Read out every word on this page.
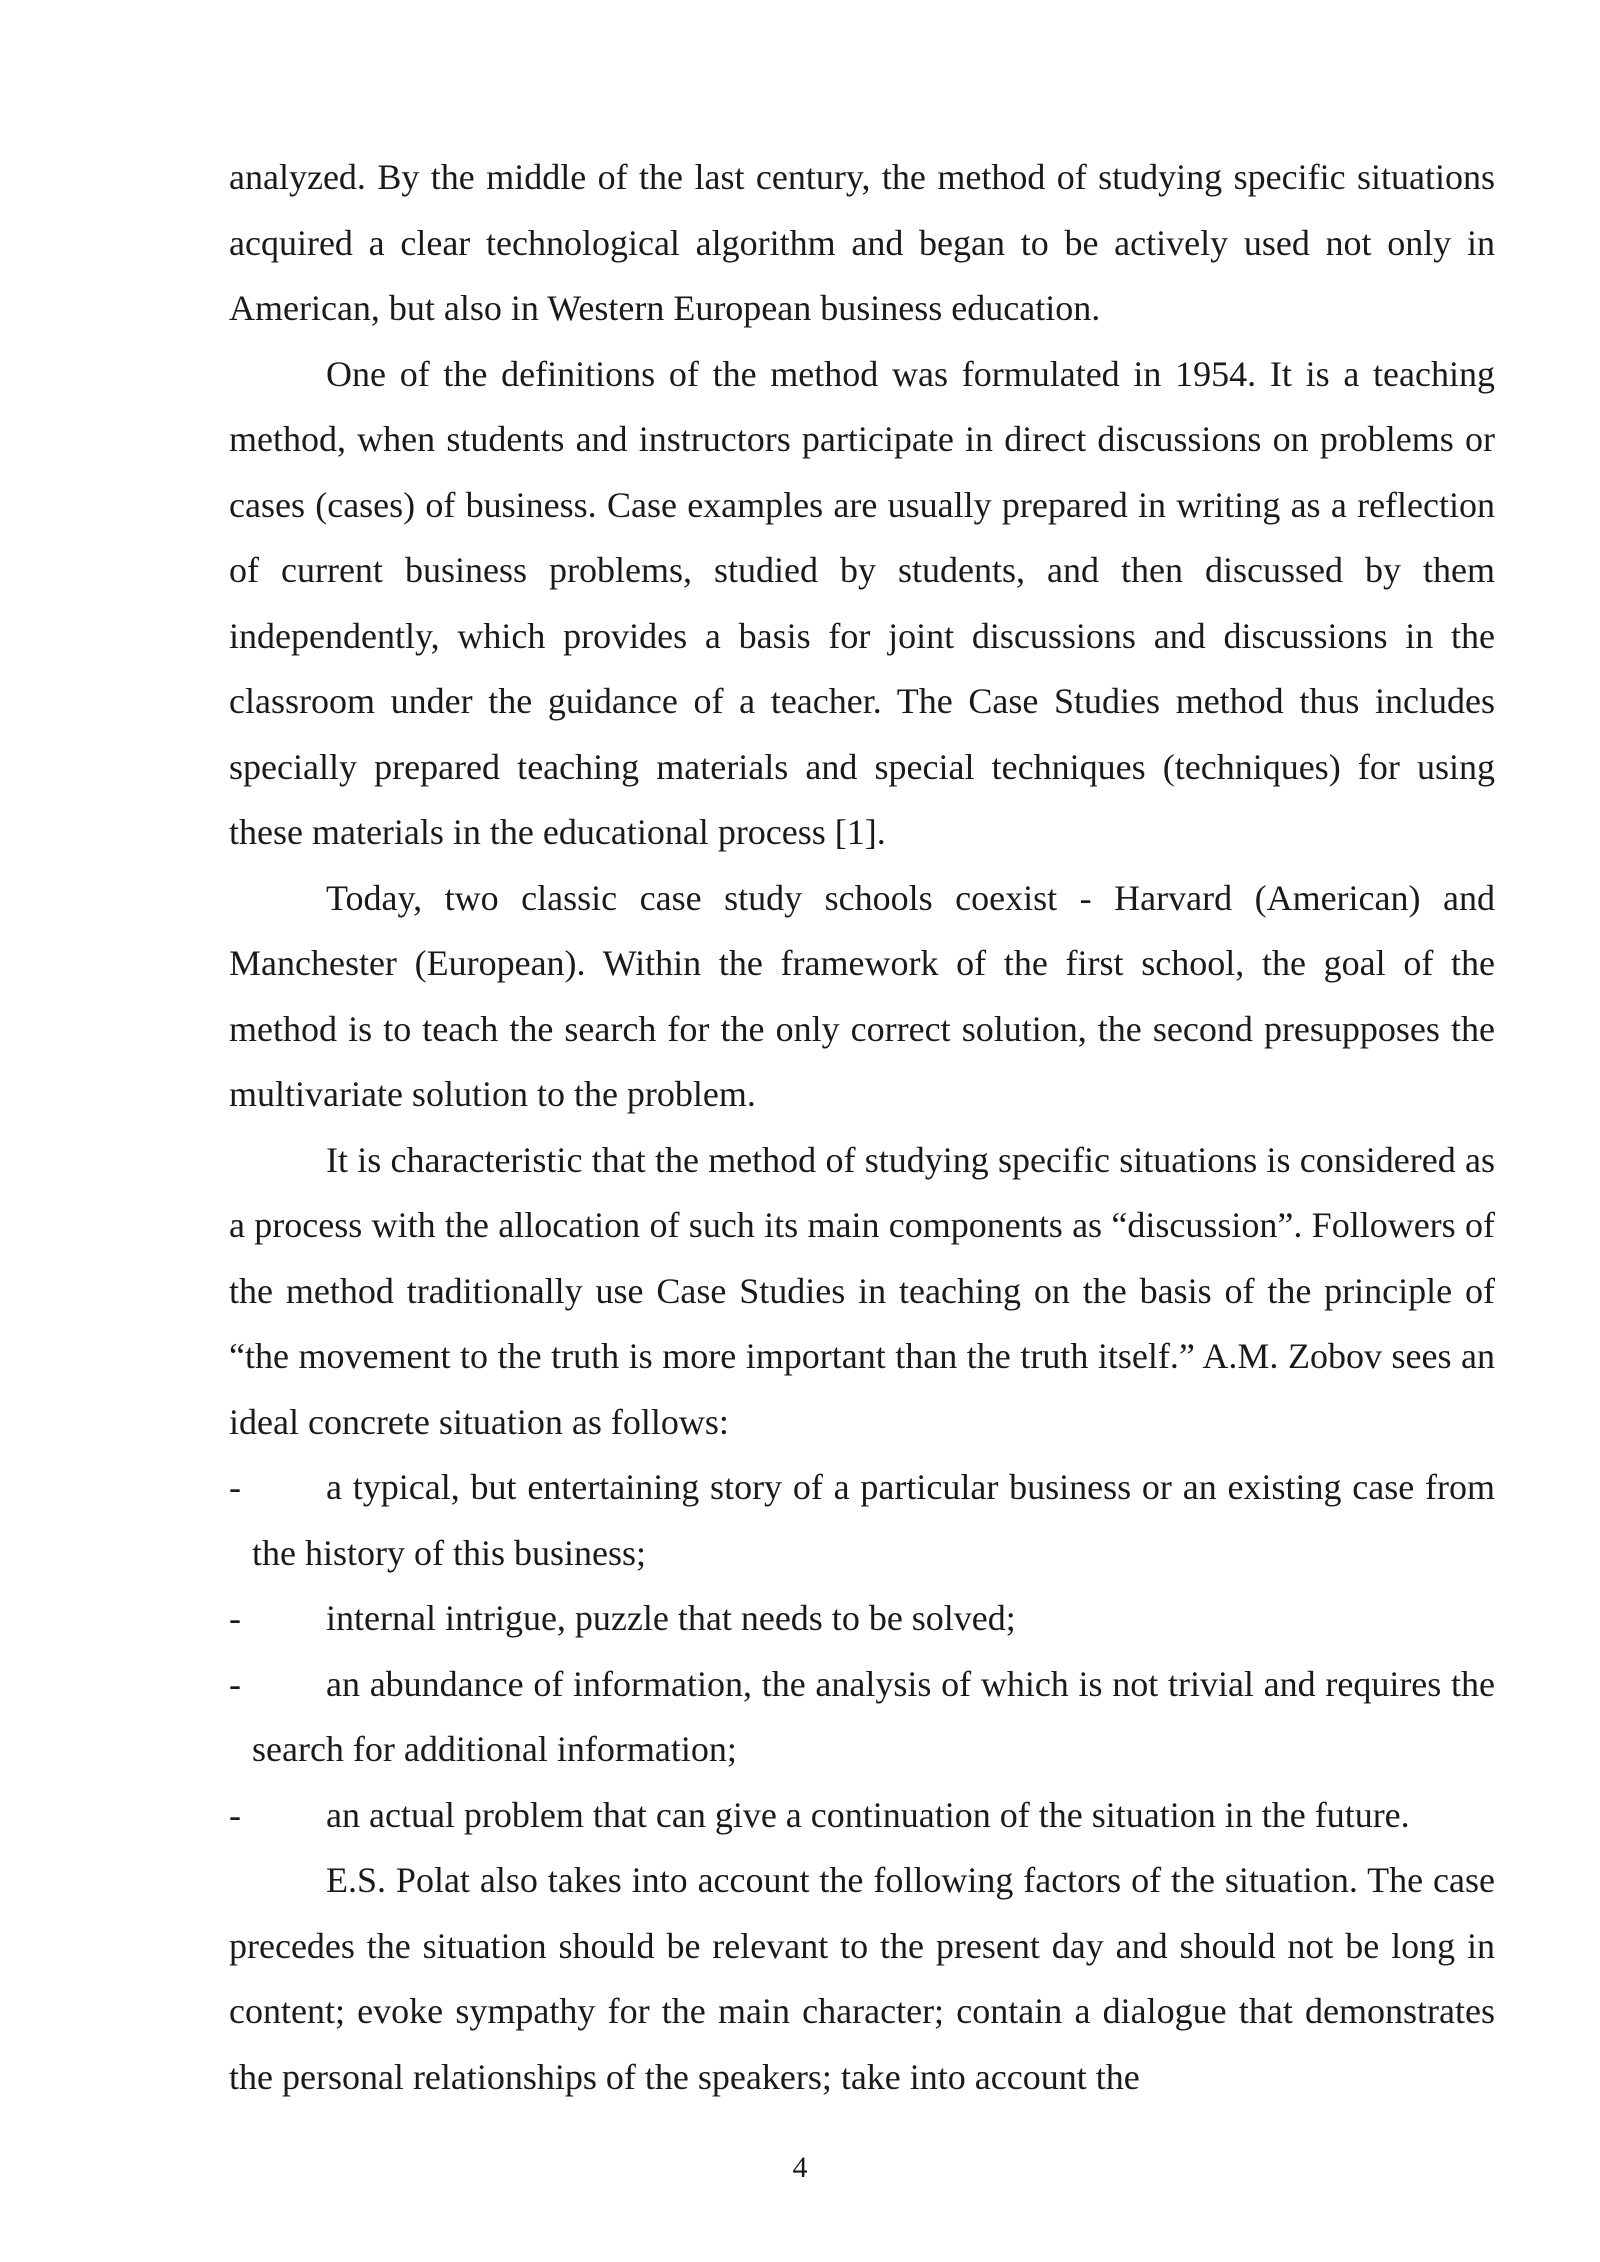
analyzed. By the middle of the last century, the method of studying specific situations acquired a clear technological algorithm and began to be actively used not only in American, but also in Western European business education.

One of the definitions of the method was formulated in 1954. It is a teaching method, when students and instructors participate in direct discussions on problems or cases (cases) of business. Case examples are usually prepared in writing as a reflection of current business problems, studied by students, and then discussed by them independently, which provides a basis for joint discussions and discussions in the classroom under the guidance of a teacher. The Case Studies method thus includes specially prepared teaching materials and special techniques (techniques) for using these materials in the educational process [1].

Today, two classic case study schools coexist - Harvard (American) and Manchester (European). Within the framework of the first school, the goal of the method is to teach the search for the only correct solution, the second presupposes the multivariate solution to the problem.

It is characteristic that the method of studying specific situations is considered as a process with the allocation of such its main components as “discussion”. Followers of the method traditionally use Case Studies in teaching on the basis of the principle of “the movement to the truth is more important than the truth itself.” A.M. Zobov sees an ideal concrete situation as follows:

- a typical, but entertaining story of a particular business or an existing case from the history of this business;

- internal intrigue, puzzle that needs to be solved;

- an abundance of information, the analysis of which is not trivial and requires the search for additional information;

- an actual problem that can give a continuation of the situation in the future.

E.S. Polat also takes into account the following factors of the situation. The case precedes the situation should be relevant to the present day and should not be long in content; evoke sympathy for the main character; contain a dialogue that demonstrates the personal relationships of the speakers; take into account the

4
